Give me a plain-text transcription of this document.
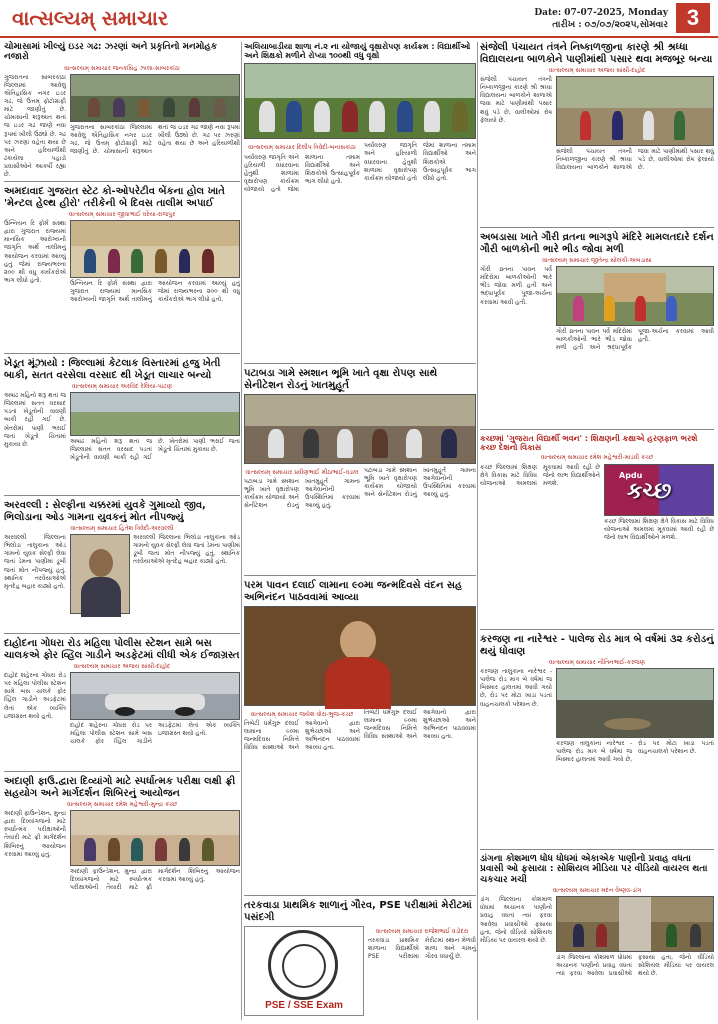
વાત્સલ્યમ્ સમાચાર	Date: 07-07-2025, Monday
તારીખ : ૦૭/૦૭/૨૦૨૫,સોમવાર 3
ચોમાસામાં ખીલ્યું ઇડર ગઢ: ઝરણાં અને પ્રકૃતિનો મનમોહક નજારો
વાત્સલ્યમ્ સમાચાર જનકસિંહ ઝાલા-સાબરકાંઠા
ગુજરાતના સાબરકાંઠા જિલ્લામાં આવેલું ઐતિહાસિક નગર ઇડર ગઢ, જે ઉત્તમ્ ફોટોગ્રાફી માટે જાણીતું છે. ચોમાસાની શરૂઆત થતાં જ ઇડર ગઢ જાણે નવા રૂપમાં ખીલી ઉઠ્યો છે. ગઢ પર ઝરણાં વહેતા થયા છે અને હરિયાળીથી ઢંકાયેલા પહાડો પ્રવાસીઓને આકર્ષી રહ્યા છે.
ગુજરાતના સાબરકાંઠા જિલ્લામાં આવેલું ઐતિહાસિક નગર ઇડર ગઢ, જે ઉત્તમ્ ફોટોગ્રાફી માટે જાણીતું છે. ચોમાસાની શરૂઆત થતાં જ ઇડર ગઢ જાણે નવા રૂપમાં ખીલી ઉઠ્યો છે. ગઢ પર ઝરણાં વહેતા થયા છે અને હરિયાળીથી
અમદાવાદ ગુજરાત સ્ટેટ કો-ઓપરેટીવ બેંકના હોલ ખાતે 'મેન્ટલ હેલ્થ હીરો' તરીકેની બે દિવસ તાલીમ અપાઈ
વાત્સલ્યમ્ સમાચાર જીવાભાઈ વરૈયા-રાજપુર
ઉન્નિયન રિ ફોર્મ સંસ્થા દ્વારા ગુજરાત રાજ્યમાં માનસિક આરોગ્યની જાગૃતિ અર્થે તાલીમનું આયોજન કરવામાં આવ્યું હતું જેમાં રાજ્યભરના ૨૦૦ થી વધુ કાર્યકરોએ ભાગ લીધો હતો.	ઉન્નિયન રિ ફોર્મ સંસ્થા દ્વારા ગુજરાત રાજ્યમાં માનસિક આરોગ્યની જાગૃતિ અર્થે તાલીમનું આયોજન કરવામાં આવ્યું હતું જેમાં રાજ્યભરના ૨૦૦ થી વધુ કાર્યકરોએ ભાગ લીધો હતો.
ખેડૂત મૂંઝાયો : જિલ્લામાં કેટલાક વિસ્તારમાં હજુ ખેતી બાકી, સતત વરસેલા વરસાદ થી ખેડૂત લાચાર બન્યો
વાત્સલ્યમ્ સમાચાર અરવિંદ રેલિયા-પાટણ
અષાઢ મહિનો શરૂ થતાં જ જિલ્લામાં સતત વરસાદ પડતાં ખેડૂતોની વાવણી બાકી રહી ગઈ છે. ખેતરોમાં પાણી ભરાઈ જતાં ખેડૂતો ચિંતામાં મુકાયા છે.	અષાઢ મહિનો શરૂ થતાં જ જિલ્લામાં સતત વરસાદ પડતાં ખેડૂતોની વાવણી બાકી રહી ગઈ છે. ખેતરોમાં પાણી ભરાઈ જતાં ખેડૂતો ચિંતામાં મુકાયા છે.
અરવલ્લી : સેલ્ફીના ચક્કરમાં યુવકે ગુમાવ્યો જીવ, ભિલોડાના ઓડ ગામના યુવકનું મોત નીપજ્યું
વાત્સલ્યમ્ સમાચાર હિતેશ ત્રિવેદી-અરવલ્લી
અરવલ્લી જિલ્લાના ભિલોડા તાલુકાના ઓડ ગામનો યુવક સેલ્ફી લેવા જતાં ડેમના પાણીમાં ડૂબી જતાં મોત નીપજ્યું હતું. સ્થાનિક તરવૈયાઓએ મૃતદેહ બહાર કાઢ્યો હતો.
અરવલ્લી જિલ્લાના ભિલોડા તાલુકાના ઓડ ગામનો યુવક સેલ્ફી લેવા જતાં ડેમના પાણીમાં ડૂબી જતાં મોત નીપજ્યું હતું. સ્થાનિક તરવૈયાઓએ મૃતદેહ બહાર કાઢ્યો હતો.
દાહોદના ગોધરા રોડ મહિલા પોલીસ સ્ટેશન સામે બસ ચાલકએ ફોર વ્હિલ ગાડીને અડફેટમાં લીધી એક ઈજાગ્રસ્ત
વાત્સલ્યમ્ સમાચાર અજય સાંસી-દાહોદ
દાહોદ શહેરના ગોધરા રોડ પર મહિલા પોલીસ સ્ટેશન સામે બસ ચાલકે ફોર વ્હિલ ગાડીને અડફેટમાં લેતાં એક વ્યક્તિ ઇજાગ્રસ્ત થયો હતો.
દાહોદ શહેરના ગોધરા રોડ પર મહિલા પોલીસ સ્ટેશન સામે બસ ચાલકે ફોર વ્હિલ ગાડીને અડફેટમાં લેતાં એક વ્યક્તિ ઇજાગ્રસ્ત થયો હતો.
અદાણી ફાઉ.દ્વારા દિવ્યાંગો માટે સ્પર્ધાત્મક પરીક્ષા લક્ષી ફ્રી સહયોગ અને માર્ગદર્શન શિબિરનું આયોજન
વાત્સલ્યમ્ સમાચાર રમેશ મહેશ્વરી-મુન્દ્રા કચ્છ
અદાણી ફાઉન્ડેશન, મુન્દ્રા દ્વારા દિવ્યાંગજનો માટે સ્પર્ધાત્મક પરીક્ષાઓની તૈયારી માટે ફ્રી માર્ગદર્શન શિબિરનું આયોજન કરવામાં આવ્યું હતું.
અદાણી ફાઉન્ડેશન, મુન્દ્રા દ્વારા દિવ્યાંગજનો માટે સ્પર્ધાત્મક પરીક્ષાઓની તૈયારી માટે ફ્રી માર્ગદર્શન શિબિરનું આયોજન કરવામાં આવ્યું હતું.
અલિયાબાડીયા શાળા નં.૨ ના યોજાયું વૃક્ષારોપણ કાર્યક્રમ : વિદ્યાર્થીઓ અને શિક્ષકો મળીને રોપ્યા ૧૦૦થી વધુ વૃક્ષો
વાત્સલ્યમ્ સમાચાર દિલીપ ત્રિવેદી-બનાસકાંઠા
પર્યાવરણ જાગૃતિ અને હરિયાળી વધારવાના હેતુથી શાળામાં વૃક્ષારોપણ કાર્યક્રમ યોજાયો હતો જેમાં શાળાના તમામ વિદ્યાર્થીઓ અને શિક્ષકોએ ઉત્સાહપૂર્વક ભાગ લીધો હતો.
પર્યાવરણ જાગૃતિ અને હરિયાળી વધારવાના હેતુથી શાળામાં વૃક્ષારોપણ કાર્યક્રમ યોજાયો હતો જેમાં શાળાના તમામ વિદ્યાર્થીઓ અને શિક્ષકોએ ઉત્સાહપૂર્વક ભાગ લીધો હતો.
પટાબડા ગામે સ્મશાન ભૂમિ ખાતે વૃક્ષા રોપણ સાથે સેનીટેશન રોડનું ખાતમુહૂર્ત
વાત્સલ્યમ્ સમાચાર પ્રવીણભાઈ મીઠાભાઈ-વડાલ
પટાબડા ગામે સ્મશાન ભૂમિ ખાતે વૃક્ષારોપણ કાર્યક્રમ યોજાયો અને સેનીટેશન રોડનું ખાતમુહૂર્ત ગામના આગેવાનોની ઉપસ્થિતિમાં કરવામાં આવ્યું હતું.
પટાબડા ગામે સ્મશાન ભૂમિ ખાતે વૃક્ષારોપણ કાર્યક્રમ યોજાયો અને સેનીટેશન રોડનું ખાતમુહૂર્ત ગામના આગેવાનોની ઉપસ્થિતિમાં કરવામાં આવ્યું હતું.
પરમ પાવન દલાઈ લામાના ૯૦મા જન્મદિવસે વંદન સહ અભિનંદન પાઠવવામાં આવ્યા
વાત્સલ્યમ્ સમાચાર જયેશ વોરા-ભુજ-કચ્છ
તિબેટી ધર્મગુરુ દલાઈ લામાના ૯૦મા જન્મદિવસ નિમિત્તે વિવિધ સંસ્થાઓ અને આગેવાનો દ્વારા શુભેચ્છાઓ અને અભિનંદન પાઠવવામાં આવ્યા હતા.
તિબેટી ધર્મગુરુ દલાઈ લામાના ૯૦મા જન્મદિવસ નિમિત્તે વિવિધ સંસ્થાઓ અને આગેવાનો દ્વારા શુભેચ્છાઓ અને અભિનંદન પાઠવવામાં આવ્યા હતા.
તરકવાડા પ્રાથમિક શાળાનું ગૌરવ, PSE પરીક્ષામાં મેરીટમાં પસંદગી
PSE / SSE Exam
વાત્સલ્યમ્ સમાચાર રાજેશભાઈ વડોદરા
તરકવાડા પ્રાથમિક શાળાના વિદ્યાર્થીએ PSE પરીક્ષામાં મેરીટમાં સ્થાન મેળવી શાળા અને ગામનું ગૌરવ વધાર્યું છે.
સંજેલી પંચાયત તંત્રને નિષ્કાળજીના કારણે શ્રી શ્રધ્ધા વિદ્યાલયના બાળકોને પાણીમાંથી પસાર થવા મજબૂર બન્યા
વાત્સલ્યમ્ સમાચાર અજય સાંસી-દાહોદ
સંજેલી પંચાયત તંત્રની નિષ્કાળજીના કારણે શ્રી શ્રધ્ધા વિદ્યાલયના બાળકોને શાળાએ જવા માટે પાણીમાંથી પસાર થવું પડે છે, વાલીઓમાં રોષ ફેલાયો છે.
સંજેલી પંચાયત તંત્રની નિષ્કાળજીના કારણે શ્રી શ્રધ્ધા વિદ્યાલયના બાળકોને શાળાએ જવા માટે પાણીમાંથી પસાર થવું પડે છે, વાલીઓમાં રોષ ફેલાયો છે.
અબડાસા ખાતે ગૌરી વ્રતના ભાગરૂપે મંદિરે મામલતદારે દર્શન ગૌરી બાળકોની ભારે ભીડ જોવા મળી
વાત્સલ્યમ્ સમાચાર જીતેન્દ્ર સોલંકી-અબડાસા
ગૌરી વ્રતના પાવન પર્વે મંદિરોમાં બાળકીઓની ભારે ભીડ જોવા મળી હતી અને શ્રદ્ધાપૂર્વક પૂજા-અર્ચના કરવામાં આવી હતી.
ગૌરી વ્રતના પાવન પર્વે મંદિરોમાં બાળકીઓની ભારે ભીડ જોવા મળી હતી અને શ્રદ્ધાપૂર્વક પૂજા-અર્ચના કરવામાં આવી હતી.
કચ્છમાં 'ગુજરાત વિદ્યાર્થી ભવન' : શિક્ષણની કક્ષાએ હરણફાળ ભરશે કચ્છ દેશનો વિકાસ
વાત્સલ્યમ્ સમાચાર રમેશ મહેશ્વરી-માંડવી કચ્છ
કચ્છ જિલ્લામાં શિક્ષણ ક્ષેત્રે વિકાસ માટે વિવિધ યોજનાઓ અમલમાં મૂકવામાં આવી રહી છે જેનો લાભ વિદ્યાર્થીઓને મળશે.
Apdu
કચ્છ
કચ્છ જિલ્લામાં શિક્ષણ ક્ષેત્રે વિકાસ માટે વિવિધ યોજનાઓ અમલમાં મૂકવામાં આવી રહી છે જેનો લાભ વિદ્યાર્થીઓને મળશે.
કરજણ ના નારેશ્વર - પાલેજ રોડ માત્ર બે વર્ષમાં ૩૨ કરોડનું થયું ધોવાણ
વાત્સલ્યમ્ સમાચાર નીતિનભાઈ-કરજણ
કરજણ તાલુકાના નારેશ્વર - પાલેજ રોડ માત્ર બે વર્ષમાં જ બિસ્માર હાલતમાં આવી ગયો છે, રોડ પર મોટા ખાડા પડતાં વાહનચાલકો પરેશાન છે.
કરજણ તાલુકાના નારેશ્વર - પાલેજ રોડ માત્ર બે વર્ષમાં જ બિસ્માર હાલતમાં આવી ગયો છે, રોડ પર મોટા ખાડા પડતાં વાહનચાલકો પરેશાન છે.
ડાંગના કોશમાળ ધોધ ધોધમાં એકાએક પાણીનો પ્રવાહ વધતા પ્રવાસી ઓ ફસાયા : સોશિયલ મીડિયા પર વીડિયો વાયરલ થતા ચકચાર મચી
વાત્સલ્યમ્ સમાચાર મદન વૈષ્ણવ-ડાંગ
ડાંગ જિલ્લાના કોશમાળ ધોધમાં અચાનક પાણીનો પ્રવાહ વધતાં ત્યાં ફરવા આવેલા પ્રવાસીઓ ફસાયા હતા, જેનો વીડિયો સોશિયલ મીડિયા પર વાયરલ થયો છે.
ડાંગ જિલ્લાના કોશમાળ ધોધમાં અચાનક પાણીનો પ્રવાહ વધતાં ત્યાં ફરવા આવેલા પ્રવાસીઓ ફસાયા હતા, જેનો વીડિયો સોશિયલ મીડિયા પર વાયરલ થયો છે.
